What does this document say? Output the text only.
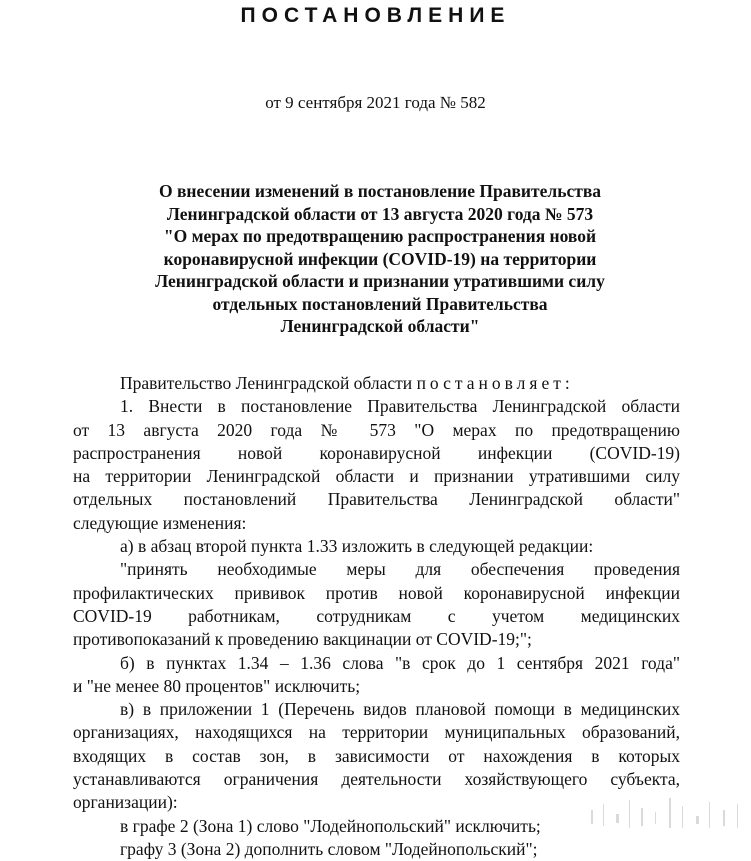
ПОСТАНОВЛЕНИЕ

от 9 сентября 2021 года № 582

О внесении изменений в постановление Правительства
Ленинградской области от 13 августа 2020 года № 573
"О мерах по предотвращению распространения новой
коронавирусной инфекции (COVID-19) на территории
Ленинградской области и признании утратившими силу
отдельных постановлений Правительства
Ленинградской области"
Правительство Ленинградской области постановляет:
1. Внести в постановление Правительства Ленинградской области
от 13 августа 2020 года № 573 "О мерах по предотвращению
распространения новой коронавирусной инфекции (COVID-19)
на территории Ленинградской области и признании утратившими силу
отдельных постановлений Правительства Ленинградской области"
следующие изменения:
а) в абзац второй пункта 1.33 изложить в следующей редакции:
"принять необходимые меры для обеспечения проведения
профилактических прививок против новой коронавирусной инфекции
COVID-19 работникам, сотрудникам с учетом медицинских
противопоказаний к проведению вакцинации от COVID-19;";
б) в пунктах 1.34 – 1.36 слова "в срок до 1 сентября 2021 года"
и "не менее 80 процентов" исключить;
в) в приложении 1 (Перечень видов плановой помощи в медицинских
организациях, находящихся на территории муниципальных образований,
входящих в состав зон, в зависимости от нахождения в которых
устанавливаются ограничения деятельности хозяйствующего субъекта,
организации):
в графе 2 (Зона 1) слово "Лодейнопольский" исключить;
графу 3 (Зона 2) дополнить словом "Лодейнопольский";
